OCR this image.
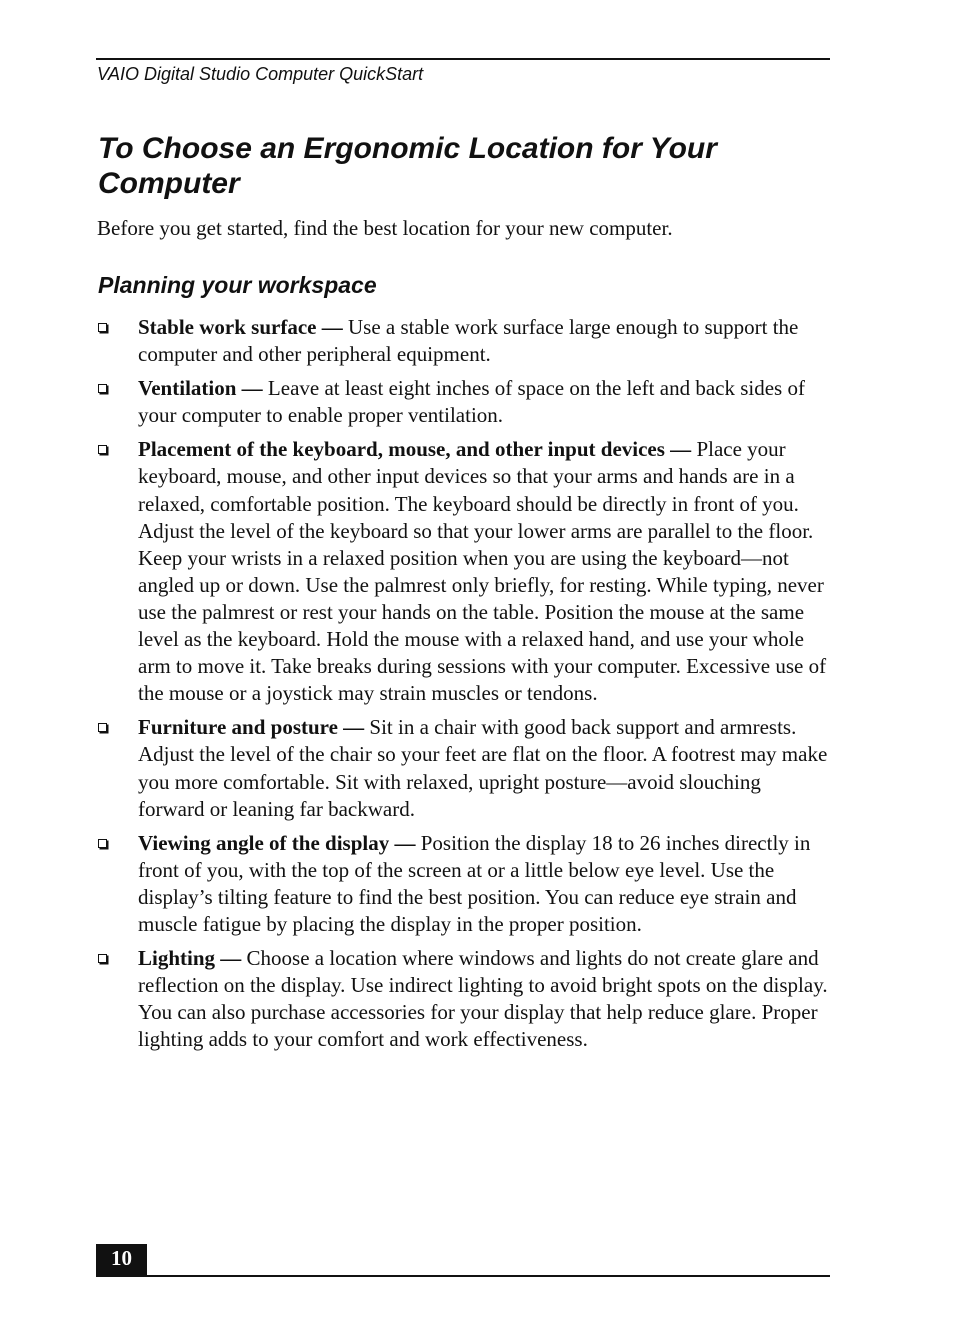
VAIO Digital Studio Computer QuickStart
To Choose an Ergonomic Location for Your Computer

Before you get started, find the best location for your new computer.

Planning your workspace
Stable work surface — Use a stable work surface large enough to support the computer and other peripheral equipment.
Ventilation — Leave at least eight inches of space on the left and back sides of your computer to enable proper ventilation.
Placement of the keyboard, mouse, and other input devices — Place your keyboard, mouse, and other input devices so that your arms and hands are in a relaxed, comfortable position. The keyboard should be directly in front of you. Adjust the level of the keyboard so that your lower arms are parallel to the floor. Keep your wrists in a relaxed position when you are using the keyboard—not angled up or down. Use the palmrest only briefly, for resting. While typing, never use the palmrest or rest your hands on the table. Position the mouse at the same level as the keyboard. Hold the mouse with a relaxed hand, and use your whole arm to move it. Take breaks during sessions with your computer. Excessive use of the mouse or a joystick may strain muscles or tendons.
Furniture and posture — Sit in a chair with good back support and armrests. Adjust the level of the chair so your feet are flat on the floor. A footrest may make you more comfortable. Sit with relaxed, upright posture—avoid slouching forward or leaning far backward.
Viewing angle of the display — Position the display 18 to 26 inches directly in front of you, with the top of the screen at or a little below eye level. Use the display’s tilting feature to find the best position. You can reduce eye strain and muscle fatigue by placing the display in the proper position.
Lighting — Choose a location where windows and lights do not create glare and reflection on the display. Use indirect lighting to avoid bright spots on the display. You can also purchase accessories for your display that help reduce glare. Proper lighting adds to your comfort and work effectiveness.
10
